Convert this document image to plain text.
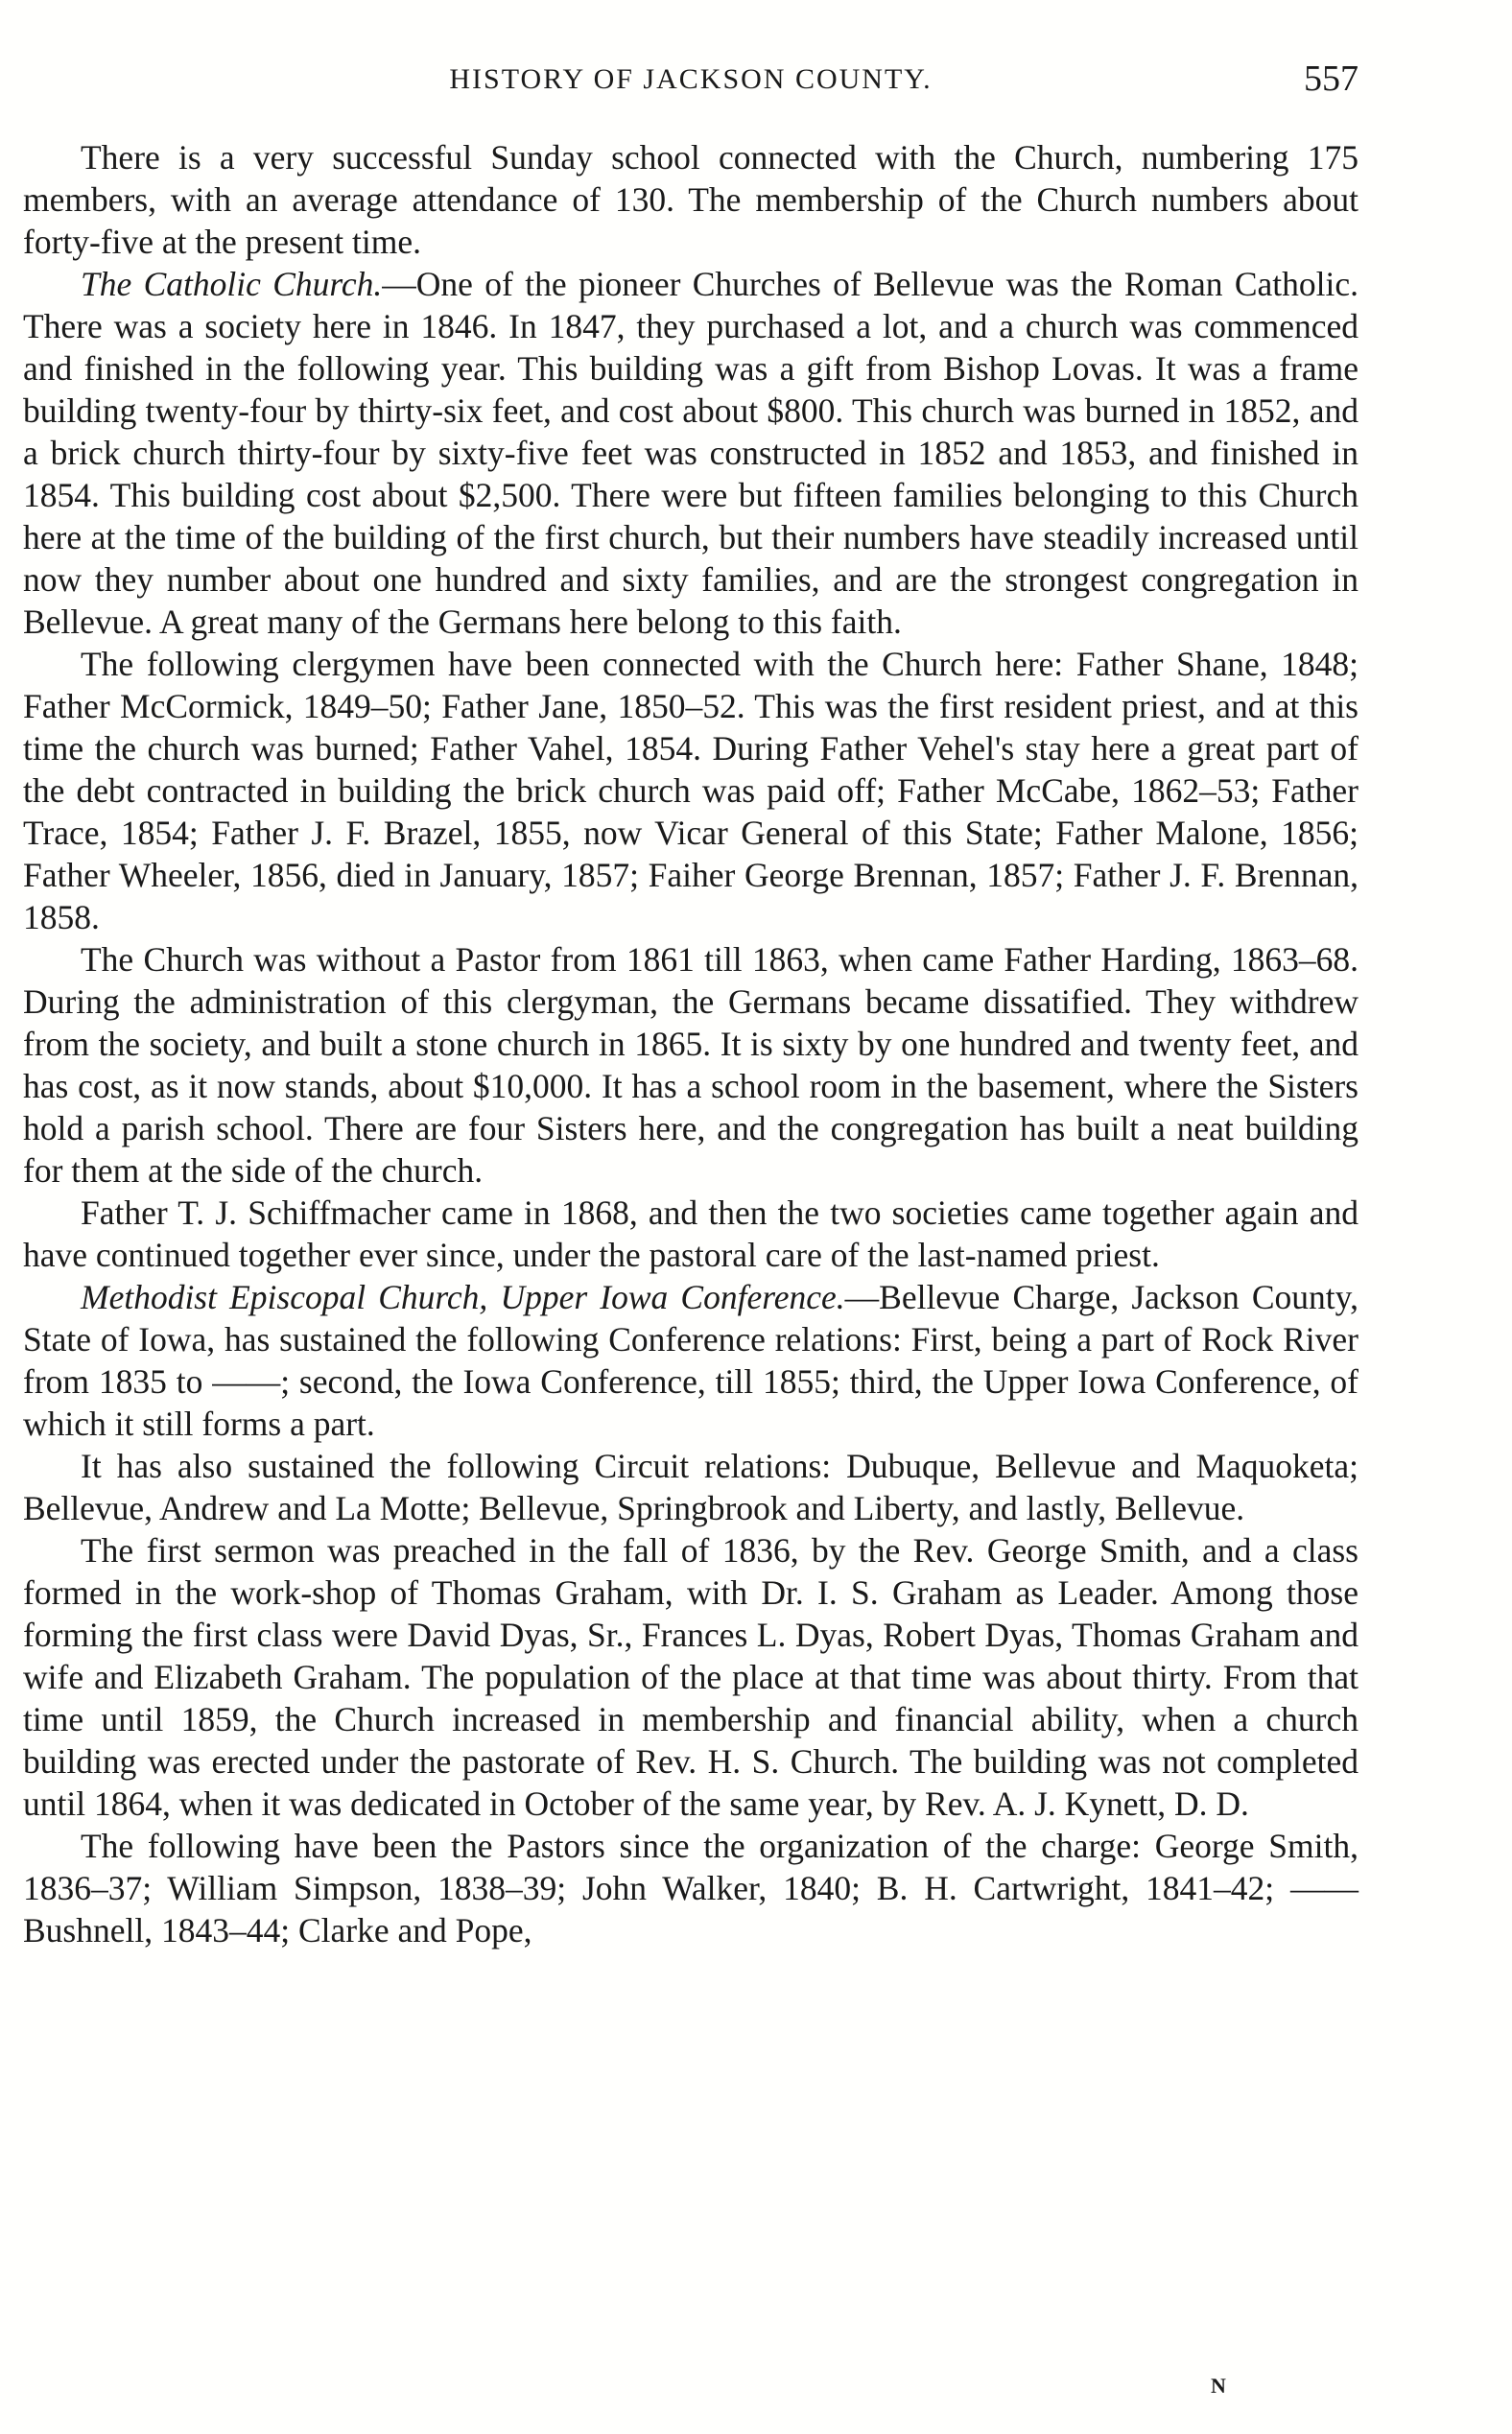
HISTORY OF JACKSON COUNTY.	557

There is a very successful Sunday school connected with the Church, numbering 175 members, with an average attendance of 130. The membership of the Church numbers about forty-five at the present time.

The Catholic Church.—One of the pioneer Churches of Bellevue was the Roman Catholic. There was a society here in 1846. In 1847, they purchased a lot, and a church was commenced and finished in the following year. This building was a gift from Bishop Lovas. It was a frame building twenty-four by thirty-six feet, and cost about $800. This church was burned in 1852, and a brick church thirty-four by sixty-five feet was constructed in 1852 and 1853, and finished in 1854. This building cost about $2,500. There were but fifteen families belonging to this Church here at the time of the building of the first church, but their numbers have steadily increased until now they number about one hundred and sixty families, and are the strongest congregation in Bellevue. A great many of the Germans here belong to this faith.

The following clergymen have been connected with the Church here: Father Shane, 1848; Father McCormick, 1849–50; Father Jane, 1850–52. This was the first resident priest, and at this time the church was burned; Father Vahel, 1854. During Father Vehel's stay here a great part of the debt contracted in building the brick church was paid off; Father McCabe, 1862–53; Father Trace, 1854; Father J. F. Brazel, 1855, now Vicar General of this State; Father Malone, 1856; Father Wheeler, 1856, died in January, 1857; Faiher George Brennan, 1857; Father J. F. Brennan, 1858.

The Church was without a Pastor from 1861 till 1863, when came Father Harding, 1863–68. During the administration of this clergyman, the Germans became dissatified. They withdrew from the society, and built a stone church in 1865. It is sixty by one hundred and twenty feet, and has cost, as it now stands, about $10,000. It has a school room in the basement, where the Sisters hold a parish school. There are four Sisters here, and the congregation has built a neat building for them at the side of the church.

Father T. J. Schiffmacher came in 1868, and then the two societies came together again and have continued together ever since, under the pastoral care of the last-named priest.

Methodist Episcopal Church, Upper Iowa Conference.—Bellevue Charge, Jackson County, State of Iowa, has sustained the following Conference relations: First, being a part of Rock River from 1835 to ——; second, the Iowa Conference, till 1855; third, the Upper Iowa Conference, of which it still forms a part.

It has also sustained the following Circuit relations: Dubuque, Bellevue and Maquoketa; Bellevue, Andrew and La Motte; Bellevue, Springbrook and Liberty, and lastly, Bellevue.

The first sermon was preached in the fall of 1836, by the Rev. George Smith, and a class formed in the work-shop of Thomas Graham, with Dr. I. S. Graham as Leader. Among those forming the first class were David Dyas, Sr., Frances L. Dyas, Robert Dyas, Thomas Graham and wife and Elizabeth Graham. The population of the place at that time was about thirty. From that time until 1859, the Church increased in membership and financial ability, when a church building was erected under the pastorate of Rev. H. S. Church. The building was not completed until 1864, when it was dedicated in October of the same year, by Rev. A. J. Kynett, D. D.

The following have been the Pastors since the organization of the charge: George Smith, 1836–37; William Simpson, 1838–39; John Walker, 1840; B. H. Cartwright, 1841–42; —— Bushnell, 1843–44; Clarke and Pope,

N
